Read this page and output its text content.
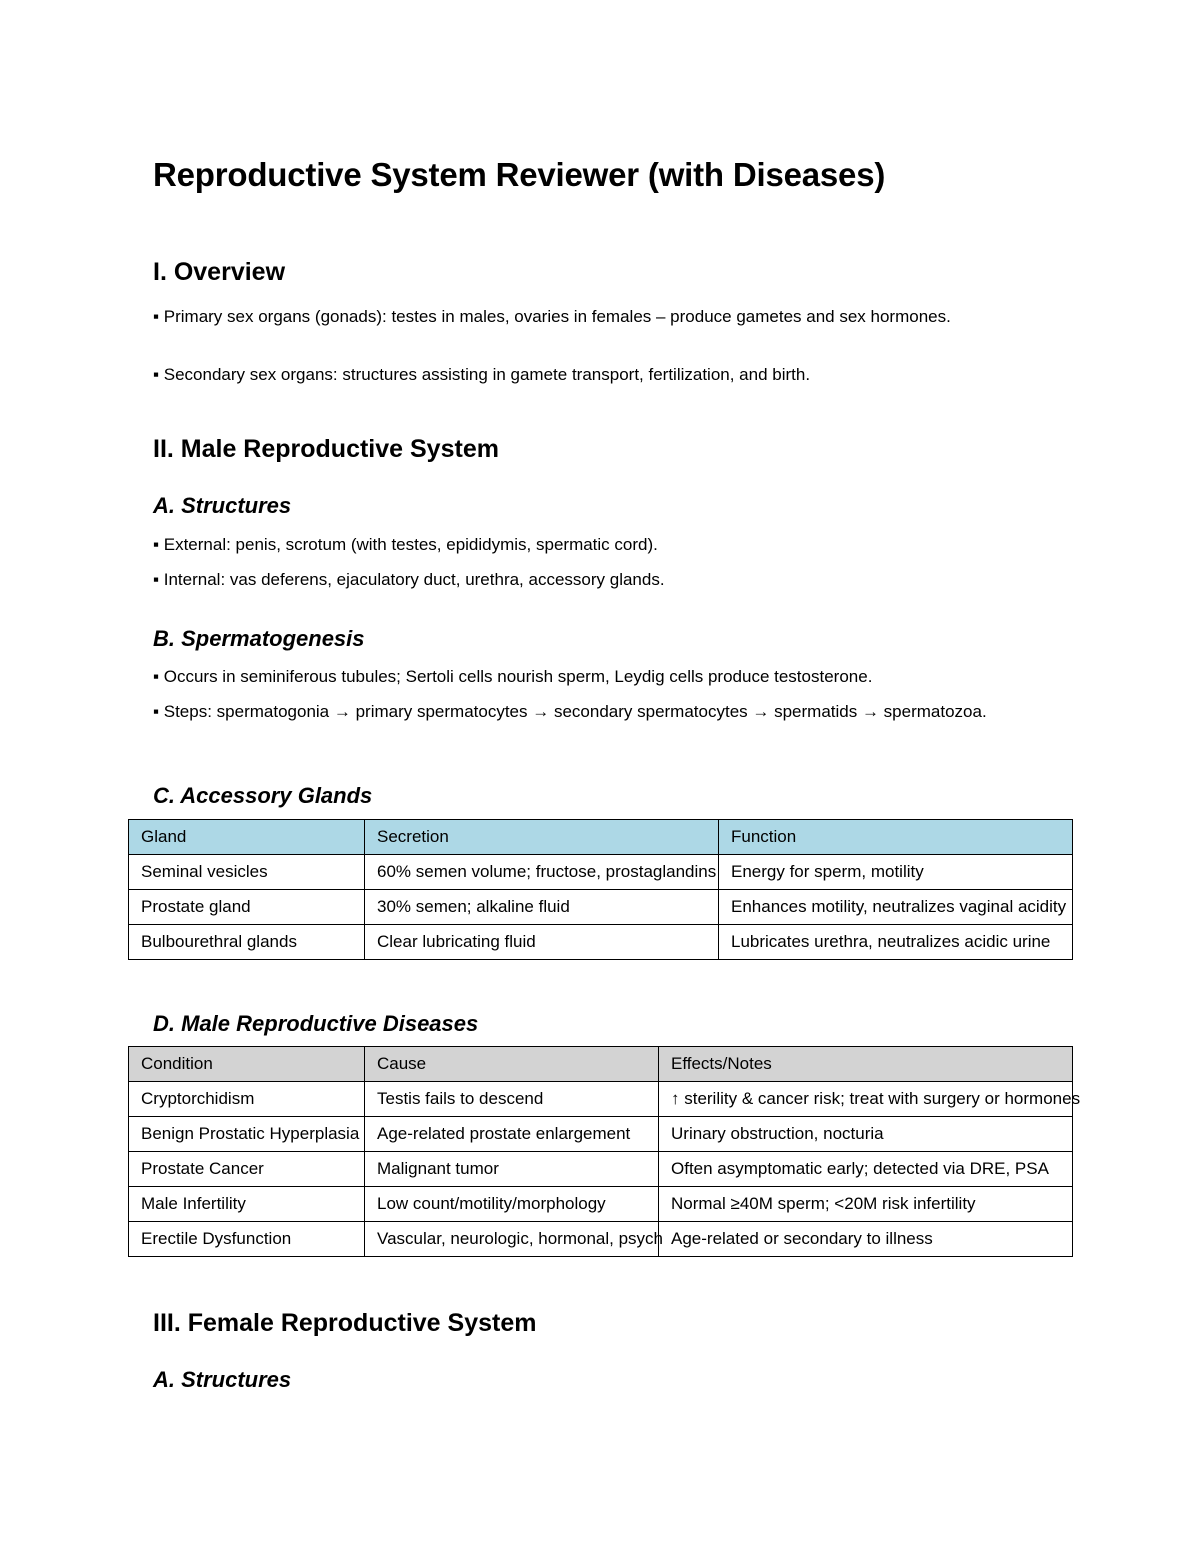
Reproductive System Reviewer (with Diseases)
I. Overview
▪ Primary sex organs (gonads): testes in males, ovaries in females – produce gametes and sex hormones.
▪ Secondary sex organs: structures assisting in gamete transport, fertilization, and birth.
II. Male Reproductive System
A. Structures
▪ External: penis, scrotum (with testes, epididymis, spermatic cord).
▪ Internal: vas deferens, ejaculatory duct, urethra, accessory glands.
B. Spermatogenesis
▪ Occurs in seminiferous tubules; Sertoli cells nourish sperm, Leydig cells produce testosterone.
▪ Steps: spermatogonia → primary spermatocytes → secondary spermatocytes → spermatids → spermatozoa.
C. Accessory Glands
Gland	Secretion	Function
Seminal vesicles	60% semen volume; fructose, prostaglandins	Energy for sperm, motility
Prostate gland	30% semen; alkaline fluid	Enhances motility, neutralizes vaginal acidity
Bulbourethral glands	Clear lubricating fluid	Lubricates urethra, neutralizes acidic urine
D. Male Reproductive Diseases
Condition	Cause	Effects/Notes
Cryptorchidism	Testis fails to descend	↑ sterility & cancer risk; treat with surgery or hormones
Benign Prostatic Hyperplasia	Age-related prostate enlargement	Urinary obstruction, nocturia
Prostate Cancer	Malignant tumor	Often asymptomatic early; detected via DRE, PSA
Male Infertility	Low count/motility/morphology	Normal ≥40M sperm; <20M risk infertility
Erectile Dysfunction	Vascular, neurologic, hormonal, psych	Age-related or secondary to illness
III. Female Reproductive System
A. Structures
